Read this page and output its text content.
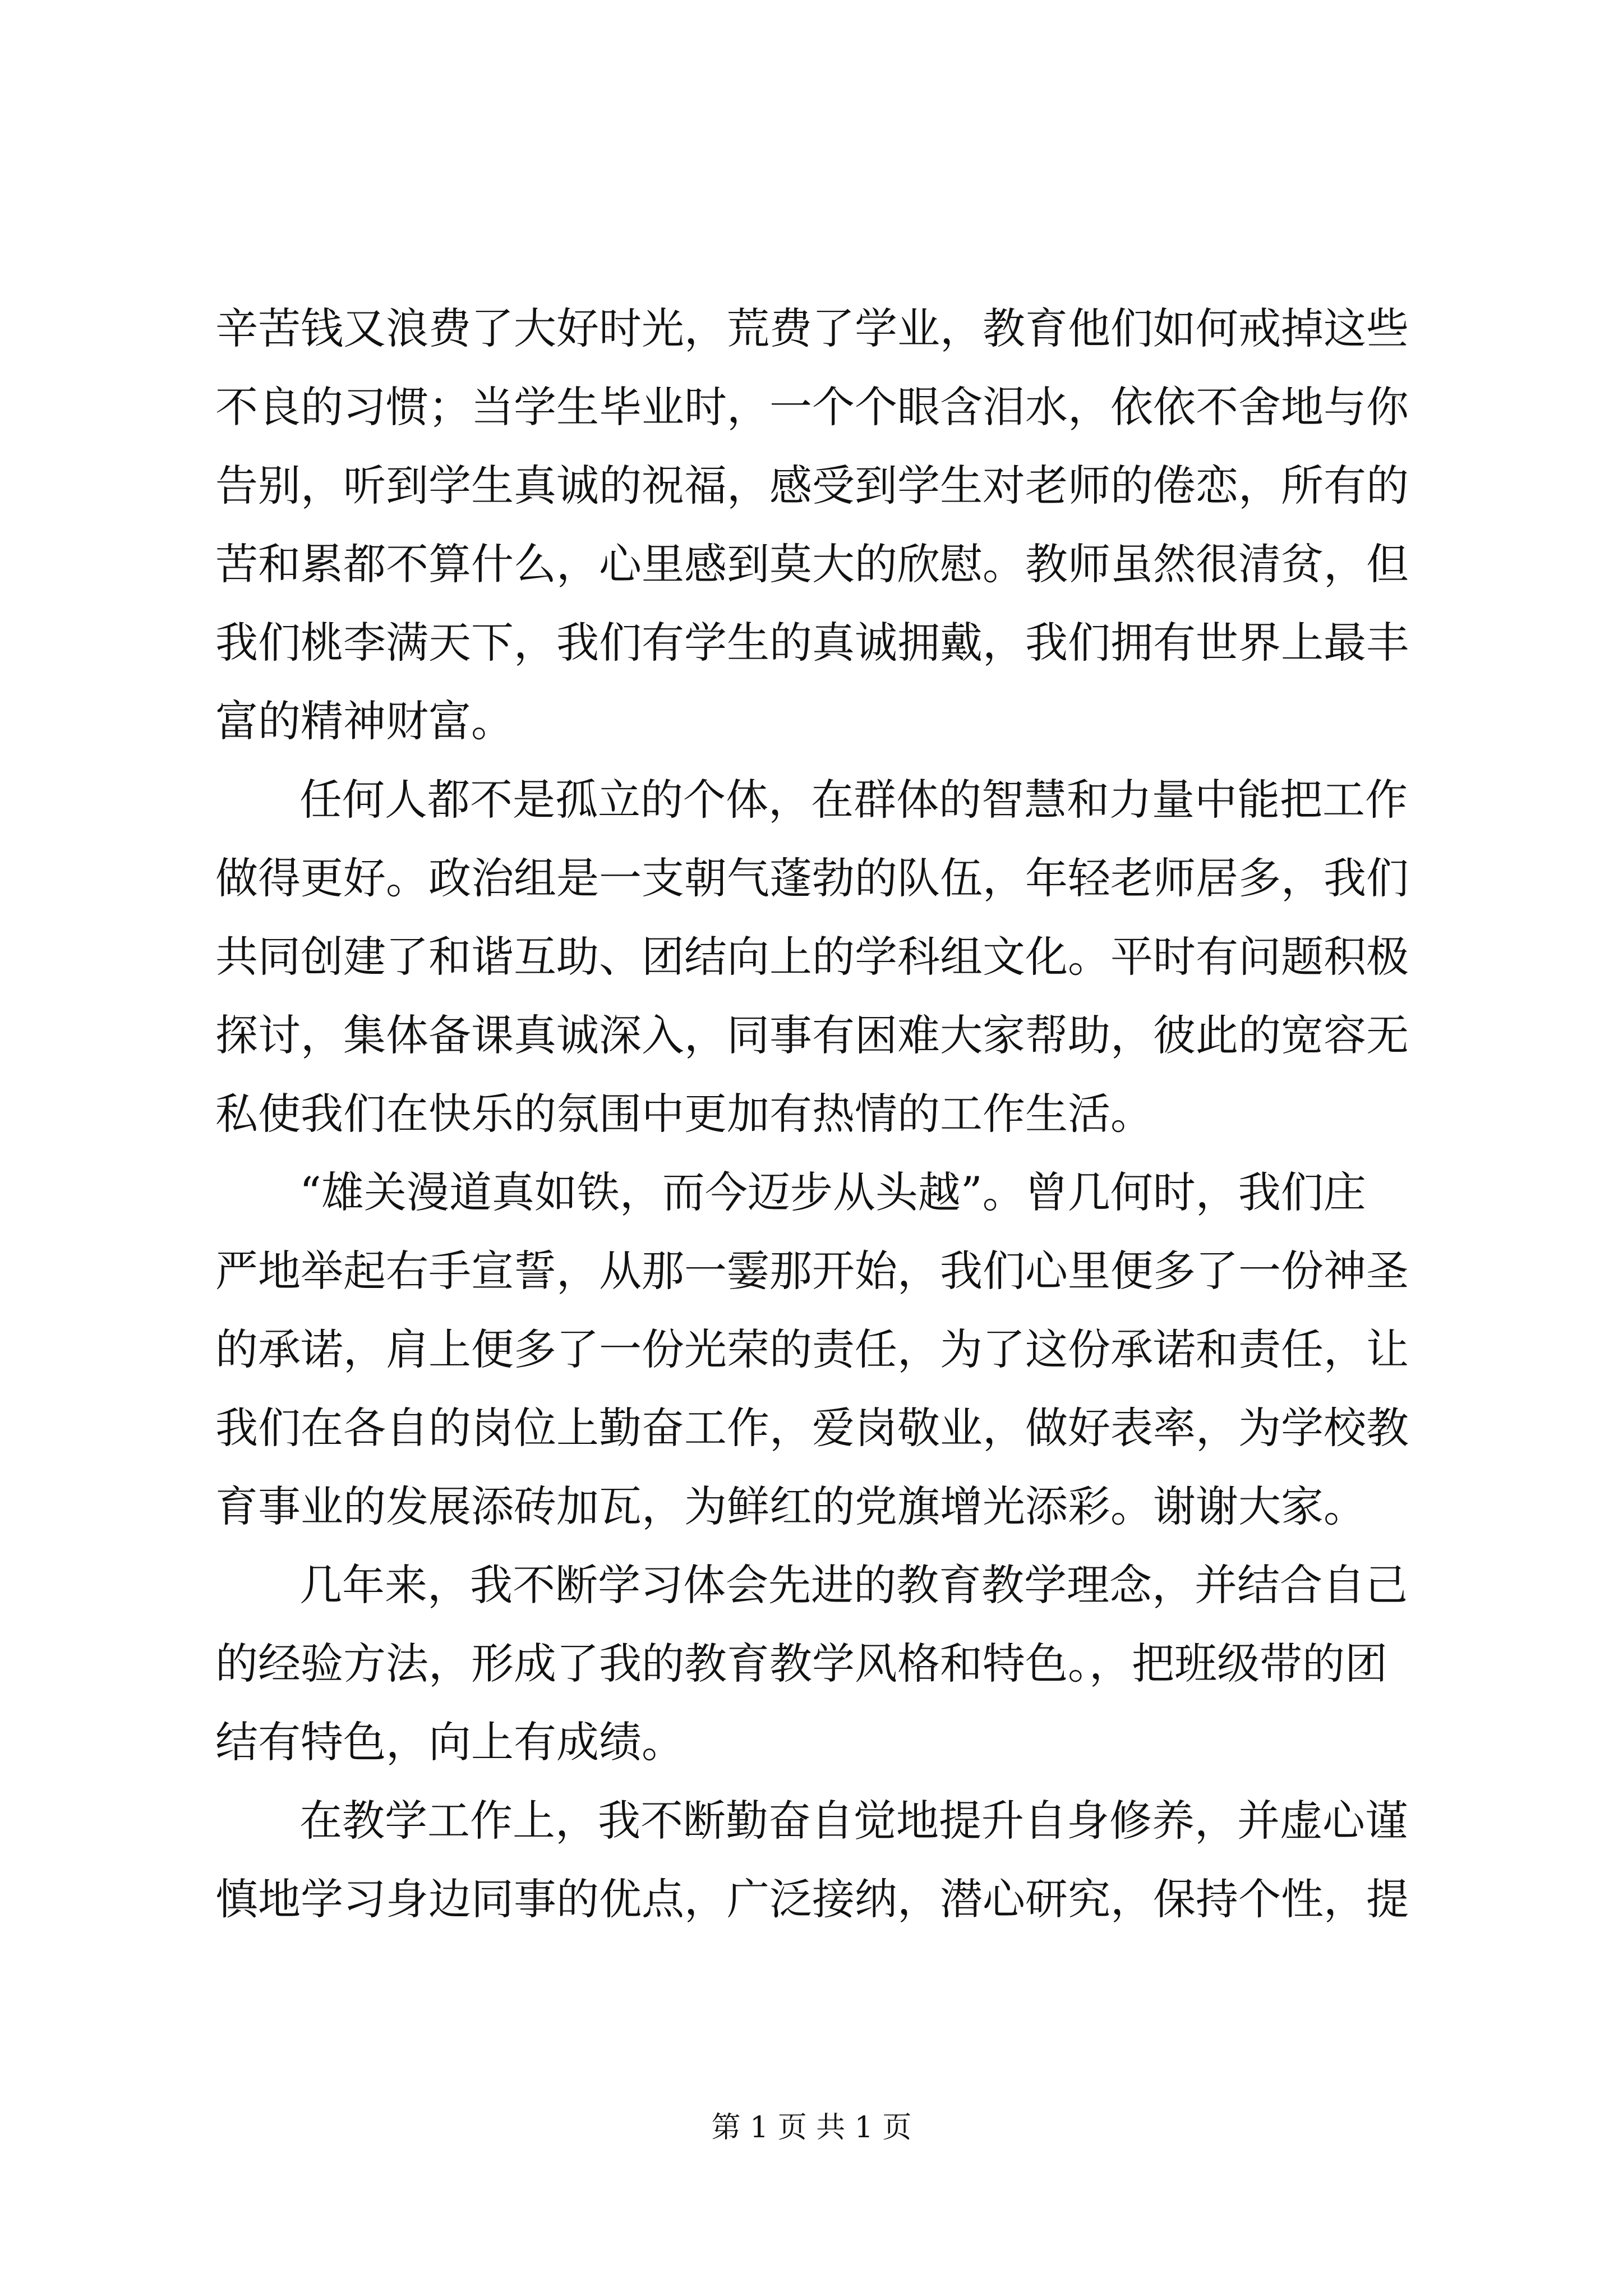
辛苦钱又浪费了大好时光，荒费了学业，教育他们如何戒掉这些
不良的习惯；当学生毕业时，一个个眼含泪水，依依不舍地与你
告别，听到学生真诚的祝福，感受到学生对老师的倦恋，所有的
苦和累都不算什么，心里感到莫大的欣慰。教师虽然很清贫，但
我们桃李满天下，我们有学生的真诚拥戴，我们拥有世界上最丰
富的精神财富。
任何人都不是孤立的个体，在群体的智慧和力量中能把工作
做得更好。政治组是一支朝气蓬勃的队伍，年轻老师居多，我们
共同创建了和谐互助、团结向上的学科组文化。平时有问题积极
探讨，集体备课真诚深入，同事有困难大家帮助，彼此的宽容无
私使我们在快乐的氛围中更加有热情的工作生活。
“雄关漫道真如铁，而今迈步从头越”。曾几何时，我们庄
严地举起右手宣誓，从那一霎那开始，我们心里便多了一份神圣
的承诺，肩上便多了一份光荣的责任，为了这份承诺和责任，让
我们在各自的岗位上勤奋工作，爱岗敬业，做好表率，为学校教
育事业的发展添砖加瓦，为鲜红的党旗增光添彩。谢谢大家。
几年来，我不断学习体会先进的教育教学理念，并结合自己
的经验方法，形成了我的教育教学风格和特色。，把班级带的团
结有特色，向上有成绩。
在教学工作上，我不断勤奋自觉地提升自身修养，并虚心谨
慎地学习身边同事的优点，广泛接纳，潜心研究，保持个性，提
第 1 页 共 1 页
